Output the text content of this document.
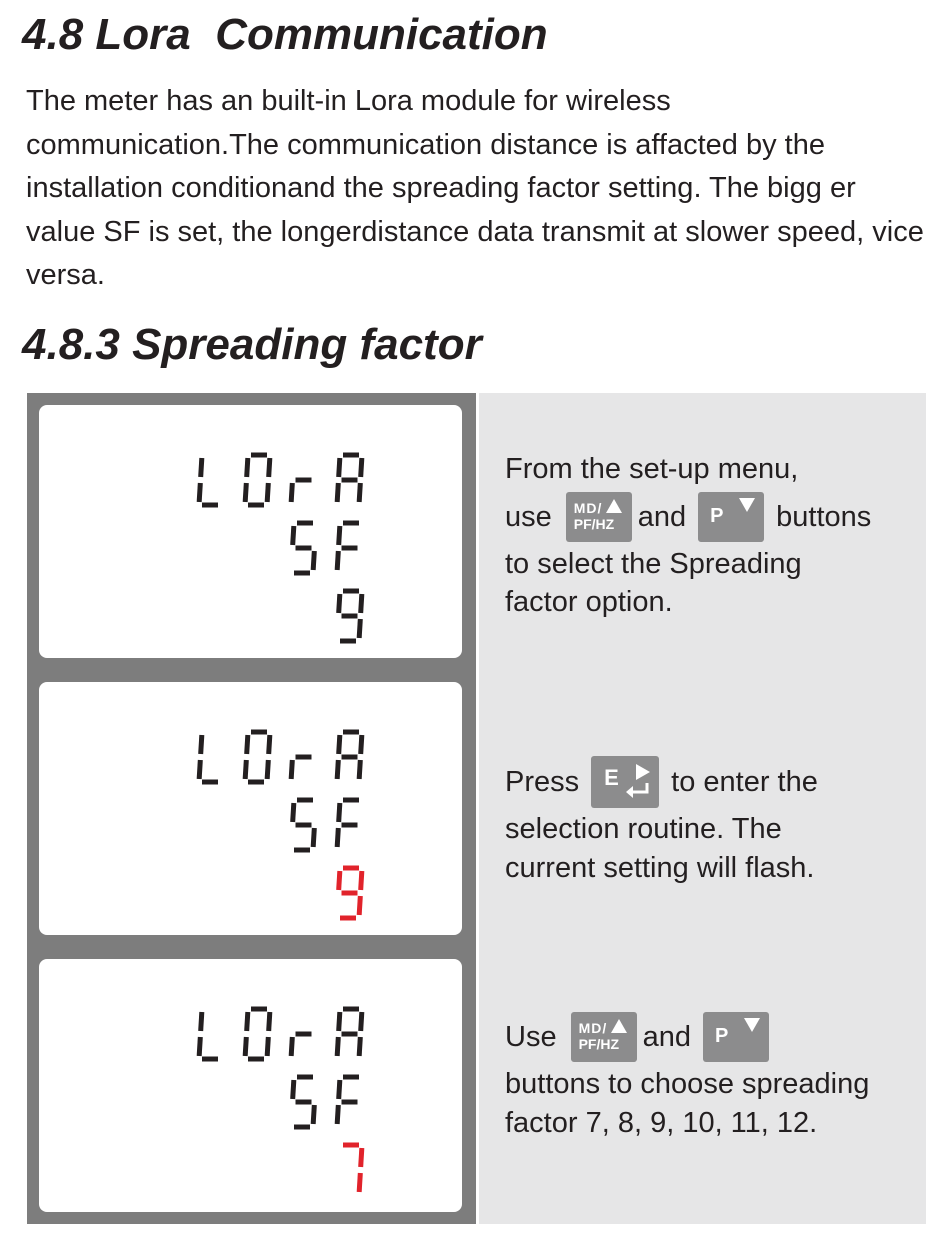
4.8 Lora  Communication

The meter has an built-in Lora module for wireless communication.The communication distance is affacted by the installation conditionand the spreading factor setting. The bigg er value SF is set, the longerdistance data transmit at slower speed, vice versa.

4.8.3 Spreading factor
From the set-up menu,
use MD/
PF/HZ and P buttons
to select the Spreading
factor option.
Press E to enter the
selection routine. The
current setting will flash.
Use MD/
PF/HZ and P
buttons to choose spreading
factor 7, 8, 9, 10, 11, 12.
